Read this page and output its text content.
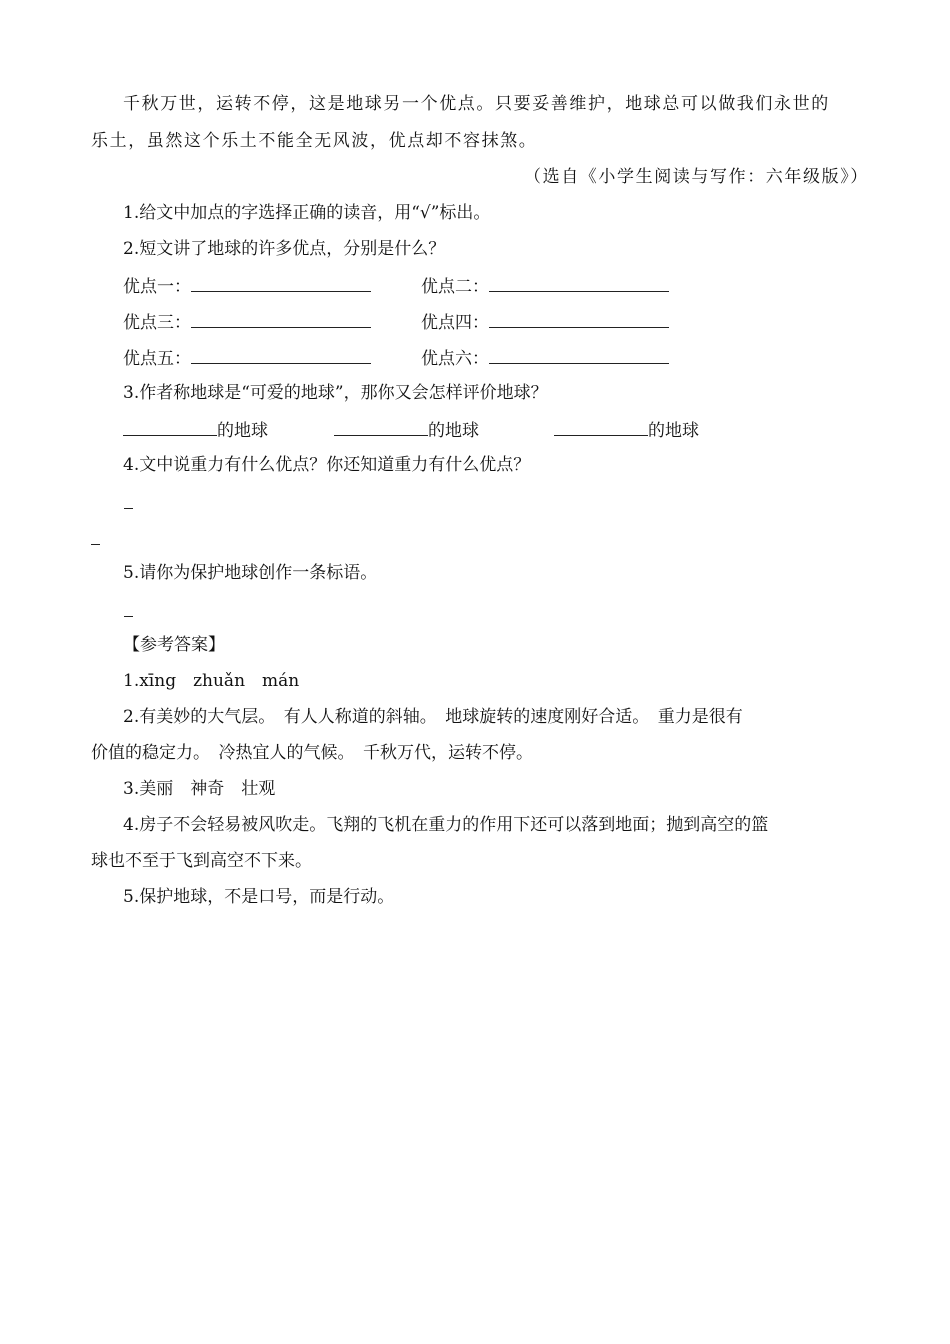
千秋万世，运转不停，这是地球另一个优点。只要妥善维护，地球总可以做我们永世的
乐土，虽然这个乐土不能全无风波，优点却不容抹煞。
（选自《小学生阅读与写作：六年级版》）
1.给文中加点的字选择正确的读音，用“√”标出。
2.短文讲了地球的许多优点，分别是什么？
优点一：	优点二：
优点三：	优点四：
优点五：	优点六：
3.作者称地球是“可爱的地球”，那你又会怎样评价地球？
的地球	的地球	的地球
4.文中说重力有什么优点？你还知道重力有什么优点？
5.请你为保护地球创作一条标语。
【参考答案】
1.xīng　zhuǎn　mán
2.有美妙的大气层。　有人人称道的斜轴。　地球旋转的速度刚好合适。　重力是很有
价值的稳定力。　冷热宜人的气候。　千秋万代，运转不停。
3.美丽　神奇　壮观
4.房子不会轻易被风吹走。飞翔的飞机在重力的作用下还可以落到地面；抛到高空的篮
球也不至于飞到高空不下来。
5.保护地球，不是口号，而是行动。
